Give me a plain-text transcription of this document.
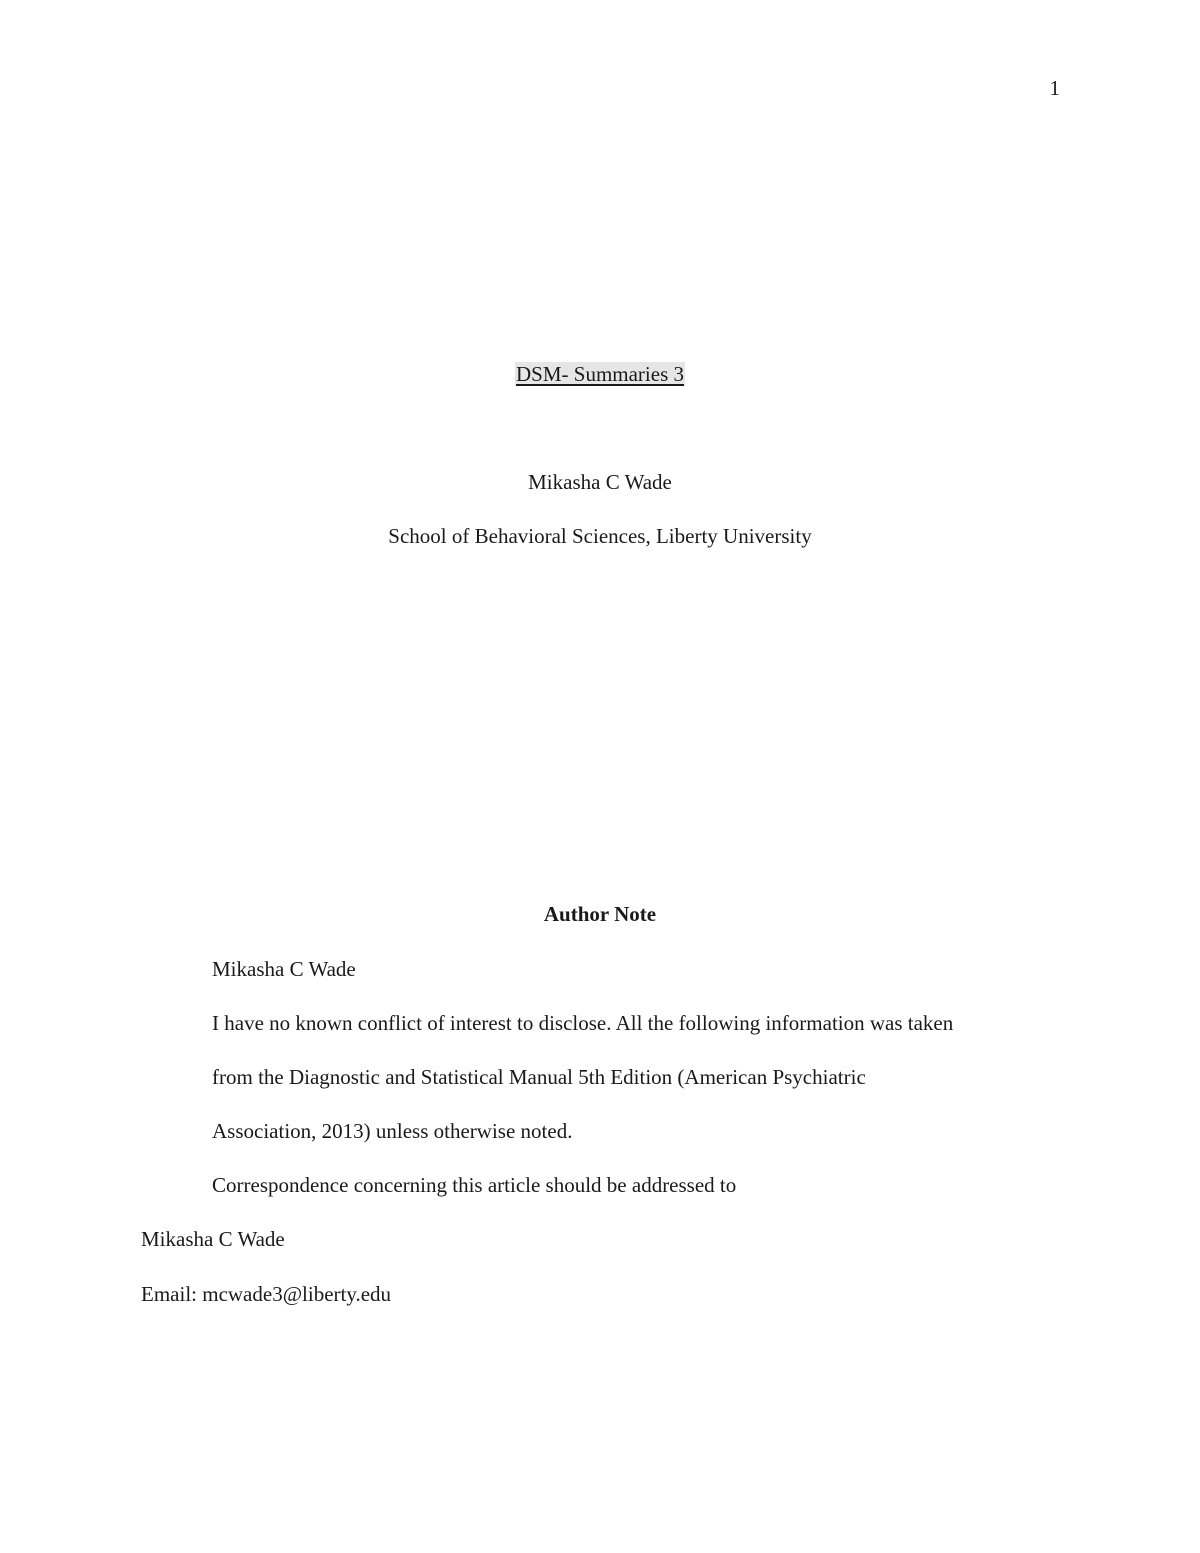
1
DSM- Summaries 3
Mikasha C Wade
School of Behavioral Sciences, Liberty University
Author Note
Mikasha C Wade
I have no known conflict of interest to disclose. All the following information was taken
from the Diagnostic and Statistical Manual 5th Edition (American Psychiatric
Association, 2013) unless otherwise noted.
Correspondence concerning this article should be addressed to
Mikasha C Wade
Email: mcwade3@liberty.edu
